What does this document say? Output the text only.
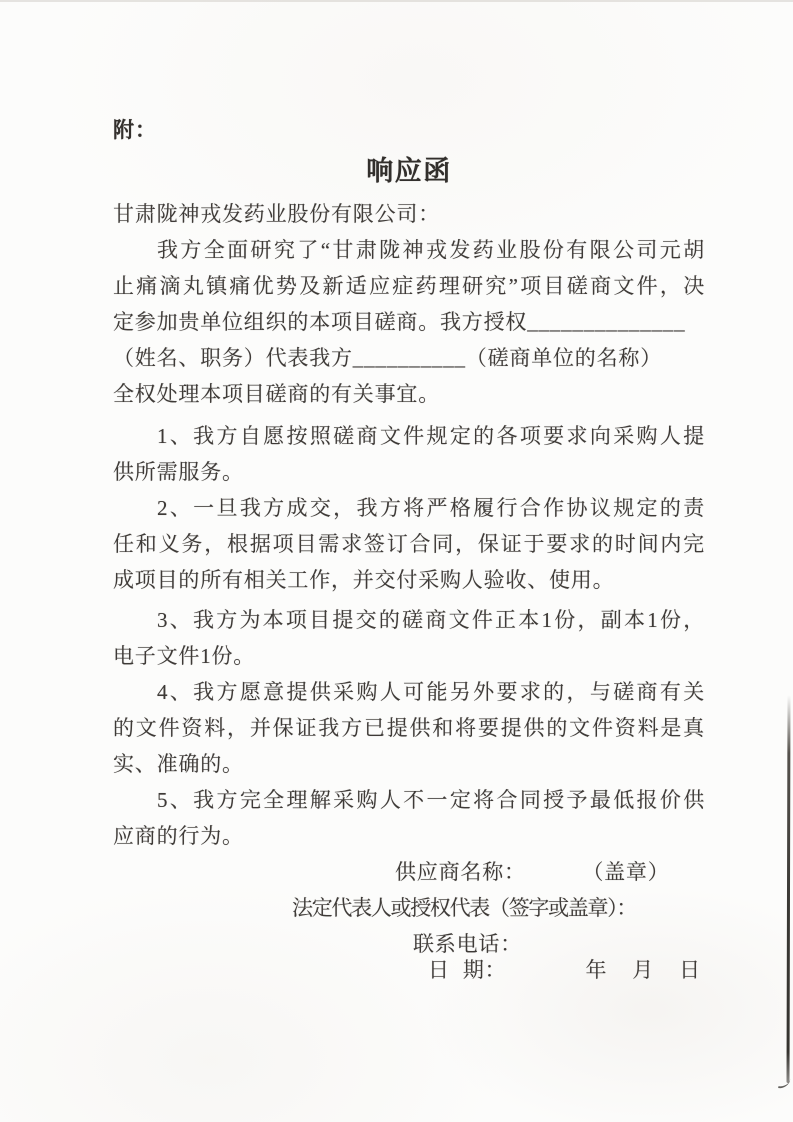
附：
响应函
甘肃陇神戎发药业股份有限公司：
我方全面研究了“甘肃陇神戎发药业股份有限公司元胡
止痛滴丸镇痛优势及新适应症药理研究”项目磋商文件，决
定参加贵单位组织的本项目磋商。我方授权______________
（姓名、职务）代表我方__________（磋商单位的名称）
全权处理本项目磋商的有关事宜。
1、我方自愿按照磋商文件规定的各项要求向采购人提
供所需服务。
2、一旦我方成交，我方将严格履行合作协议规定的责
任和义务，根据项目需求签订合同，保证于要求的时间内完
成项目的所有相关工作，并交付采购人验收、使用。
3、我方为本项目提交的磋商文件正本1份，副本1份，
电子文件1份。
4、我方愿意提供采购人可能另外要求的，与磋商有关
的文件资料，并保证我方已提供和将要提供的文件资料是真
实、准确的。
5、我方完全理解采购人不一定将合同授予最低报价供
应商的行为。
供应商名称：	（盖章）
法定代表人或授权代表（签字或盖章）：
联系电话：
日 期：	年 月 日
